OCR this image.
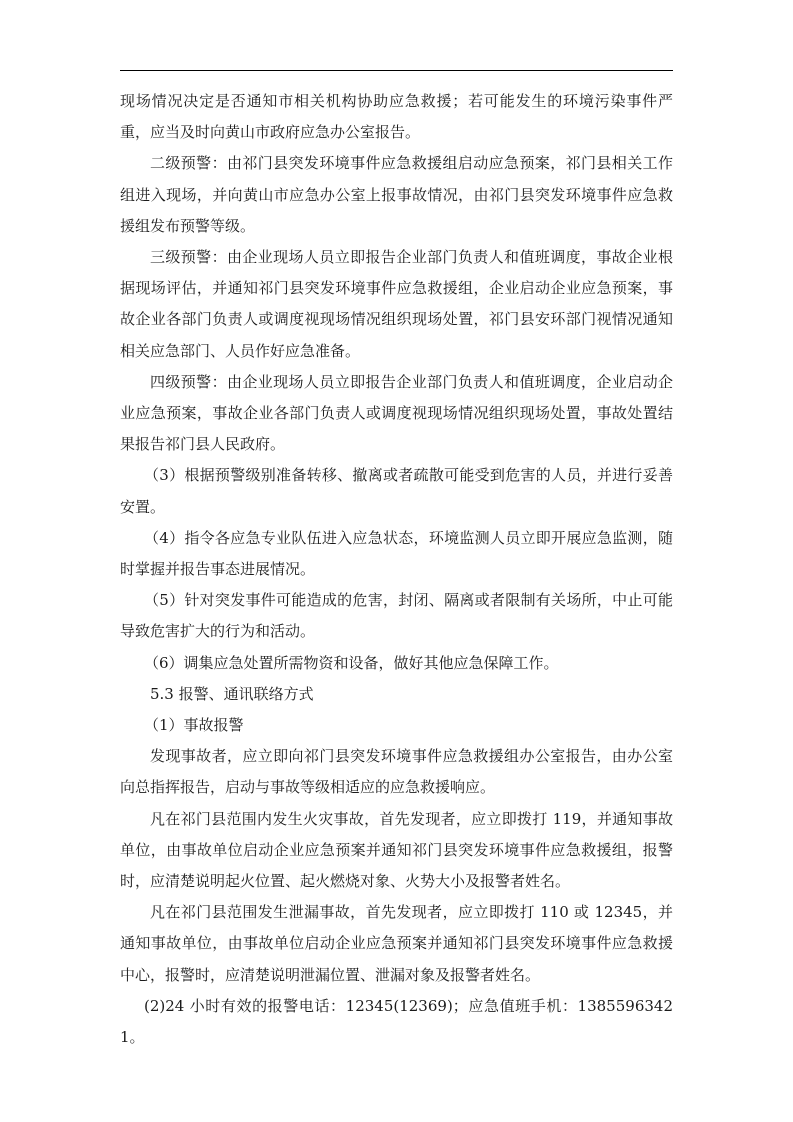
现场情况决定是否通知市相关机构协助应急救援；若可能发生的环境污染事件严重，应当及时向黄山市政府应急办公室报告。

二级预警：由祁门县突发环境事件应急救援组启动应急预案，祁门县相关工作组进入现场，并向黄山市应急办公室上报事故情况，由祁门县突发环境事件应急救援组发布预警等级。

三级预警：由企业现场人员立即报告企业部门负责人和值班调度，事故企业根据现场评估，并通知祁门县突发环境事件应急救援组，企业启动企业应急预案，事故企业各部门负责人或调度视现场情况组织现场处置，祁门县安环部门视情况通知相关应急部门、人员作好应急准备。

四级预警：由企业现场人员立即报告企业部门负责人和值班调度，企业启动企业应急预案，事故企业各部门负责人或调度视现场情况组织现场处置，事故处置结果报告祁门县人民政府。

（3）根据预警级别准备转移、撤离或者疏散可能受到危害的人员，并进行妥善安置。

（4）指令各应急专业队伍进入应急状态，环境监测人员立即开展应急监测，随时掌握并报告事态进展情况。

（5）针对突发事件可能造成的危害，封闭、隔离或者限制有关场所，中止可能导致危害扩大的行为和活动。

（6）调集应急处置所需物资和设备，做好其他应急保障工作。

5.3 报警、通讯联络方式

（1）事故报警

发现事故者，应立即向祁门县突发环境事件应急救援组办公室报告，由办公室向总指挥报告，启动与事故等级相适应的应急救援响应。

凡在祁门县范围内发生火灾事故，首先发现者，应立即拨打 119，并通知事故单位，由事故单位启动企业应急预案并通知祁门县突发环境事件应急救援组，报警时，应清楚说明起火位置、起火燃烧对象、火势大小及报警者姓名。

凡在祁门县范围发生泄漏事故，首先发现者，应立即拨打 110 或 12345，并通知事故单位，由事故单位启动企业应急预案并通知祁门县突发环境事件应急救援中心，报警时，应清楚说明泄漏位置、泄漏对象及报警者姓名。

(2)24 小时有效的报警电话：12345(12369)；应急值班手机：13855963421。
